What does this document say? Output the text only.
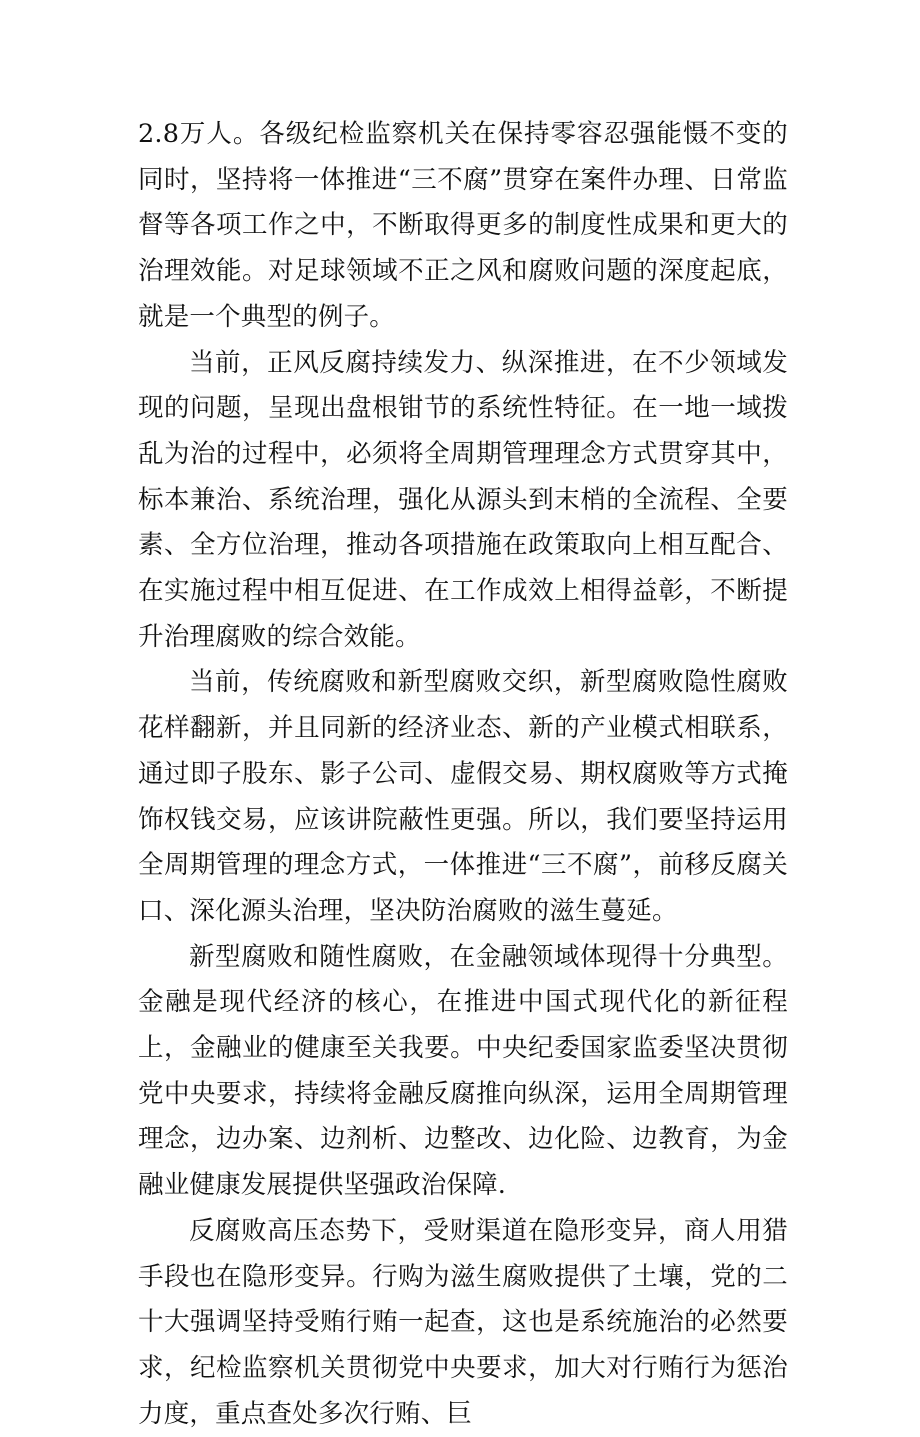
2.8万人。各级纪检监察机关在保持零容忍强能慑不变的同时，坚持将一体推进“三不腐”贯穿在案件办理、日常监督等各项工作之中，不断取得更多的制度性成果和更大的治理效能。对足球领域不正之风和腐败问题的深度起底，就是一个典型的例子。

当前，正风反腐持续发力、纵深推进，在不少领域发现的问题，呈现出盘根钳节的系统性特征。在一地一域拨乱为治的过程中，必须将全周期管理理念方式贯穿其中，标本兼治、系统治理，强化从源头到末梢的全流程、全要素、全方位治理，推动各项措施在政策取向上相互配合、在实施过程中相互促进、在工作成效上相得益彰，不断提升治理腐败的综合效能。

当前，传统腐败和新型腐败交织，新型腐败隐性腐败花样翻新，并且同新的经济业态、新的产业模式相联系，通过即子股东、影子公司、虚假交易、期权腐败等方式掩饰权钱交易，应该讲院蔽性更强。所以，我们要坚持运用全周期管理的理念方式，一体推进“三不腐”，前移反腐关口、深化源头治理，坚决防治腐败的滋生蔓延。

新型腐败和随性腐败，在金融领域体现得十分典型。金融是现代经济的核心，在推进中国式现代化的新征程上，金融业的健康至关我要。中央纪委国家监委坚决贯彻党中央要求，持续将金融反腐推向纵深，运用全周期管理理念，边办案、边剂析、边整改、边化险、边教育，为金融业健康发展提供坚强政治保障.

反腐败高压态势下，受财渠道在隐形变异，商人用猎手段也在隐形变异。行购为滋生腐败提供了土壤，党的二十大强调坚持受贿行贿一起查，这也是系统施治的必然要求，纪检监察机关贯彻党中央要求，加大对行贿行为惩治力度，重点查处多次行贿、巨
